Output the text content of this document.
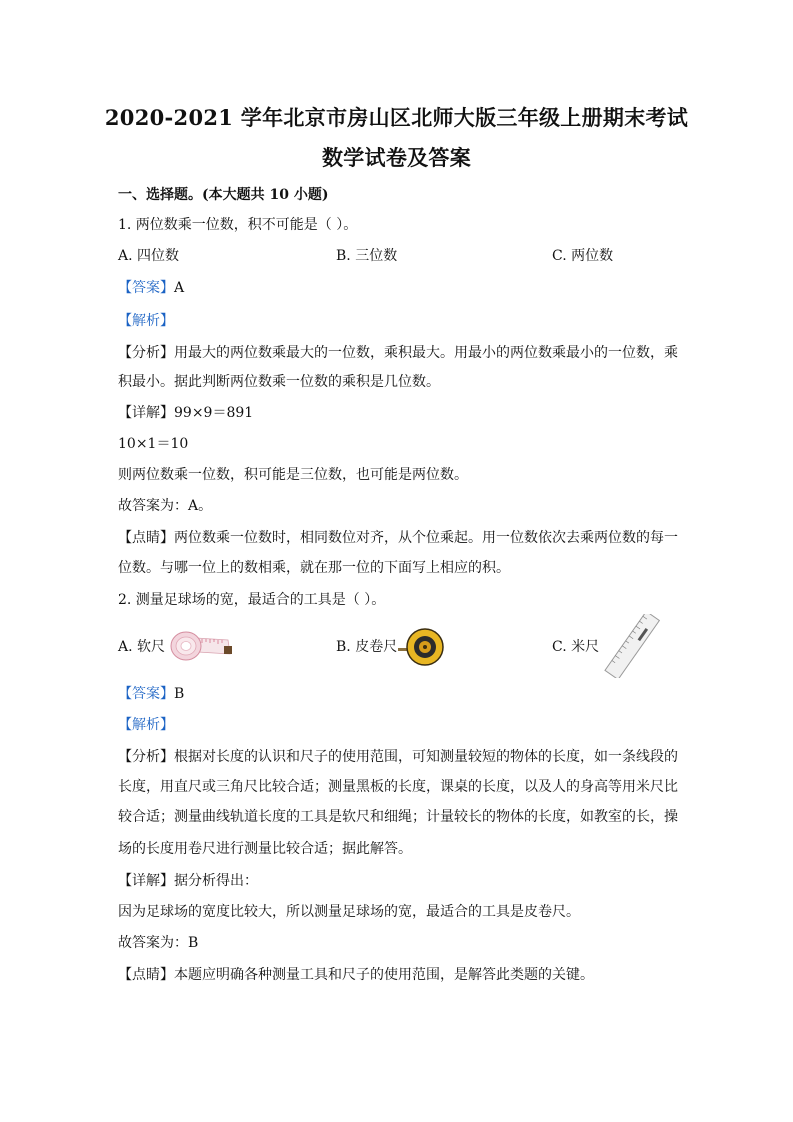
2020-2021 学年北京市房山区北师大版三年级上册期末考试
数学试卷及答案
一、选择题。(本大题共 10 小题)
1. 两位数乘一位数，积不可能是（ ）。
A. 四位数	B. 三位数	C. 两位数
【答案】A
【解析】
【分析】用最大的两位数乘最大的一位数，乘积最大。用最小的两位数乘最小的一位数，乘
积最小。据此判断两位数乘一位数的乘积是几位数。
【详解】99×9＝891
10×1＝10
则两位数乘一位数，积可能是三位数，也可能是两位数。
故答案为：A。
【点睛】两位数乘一位数时，相同数位对齐，从个位乘起。用一位数依次去乘两位数的每一
位数。与哪一位上的数相乘，就在那一位的下面写上相应的积。
2. 测量足球场的宽，最适合的工具是（ ）。
A. 软尺	B. 皮卷尺	C. 米尺
【答案】B
【解析】
【分析】根据对长度的认识和尺子的使用范围，可知测量较短的物体的长度，如一条线段的
长度，用直尺或三角尺比较合适；测量黑板的长度，课桌的长度，以及人的身高等用米尺比
较合适；测量曲线轨道长度的工具是软尺和细绳；计量较长的物体的长度，如教室的长，操
场的长度用卷尺进行测量比较合适；据此解答。
【详解】据分析得出：
因为足球场的宽度比较大，所以测量足球场的宽，最适合的工具是皮卷尺。
故答案为：B
【点睛】本题应明确各种测量工具和尺子的使用范围，是解答此类题的关键。
